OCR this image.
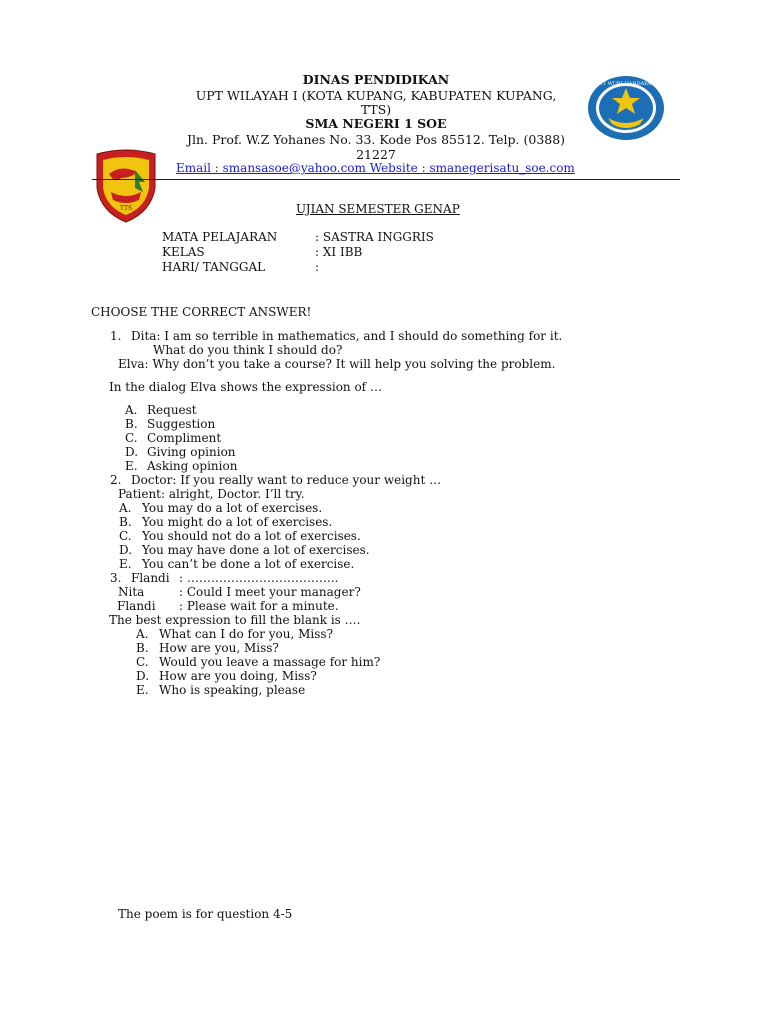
TTS
TUT WURI HANDAYANI
DINAS PENDIDIKAN
UPT WILAYAH I (KOTA KUPANG, KABUPATEN KUPANG,
TTS)
SMA NEGERI 1 SOE
Jln. Prof. W.Z Yohanes No. 33. Kode Pos 85512. Telp. (0388)
21227
Email : smansasoe@yahoo.com Website : smanegerisatu_soe.com
UJIAN SEMESTER GENAP
MATA PELAJARAN	: SASTRA INGGRIS
KELAS	: XI IBB
HARI/ TANGGAL	:
CHOOSE THE CORRECT ANSWER!
1. Dita: I am so terrible in mathematics, and I should do something for it.
What do you think I should do?
Elva: Why don’t you take a course? It will help you solving the problem.
In the dialog Elva shows the expression of …
A. Request
B. Suggestion
C. Compliment
D. Giving opinion
E. Asking opinion
2. Doctor: If you really want to reduce your weight …
Patient: alright, Doctor. I’ll try.
A. You may do a lot of exercises.
B. You might do a lot of exercises.
C. You should not do a lot of exercises.
D. You may have done a lot of exercises.
E. You can’t be done a lot of exercise.
3. Flandi : ………………………………..
Nita	: Could I meet your manager?
Flandi : Please wait for a minute.
The best expression to fill the blank is ….
A. What can I do for you, Miss?
B. How are you, Miss?
C. Would you leave a massage for him?
D. How are you doing, Miss?
E. Who is speaking, please
The poem is for question 4-5
